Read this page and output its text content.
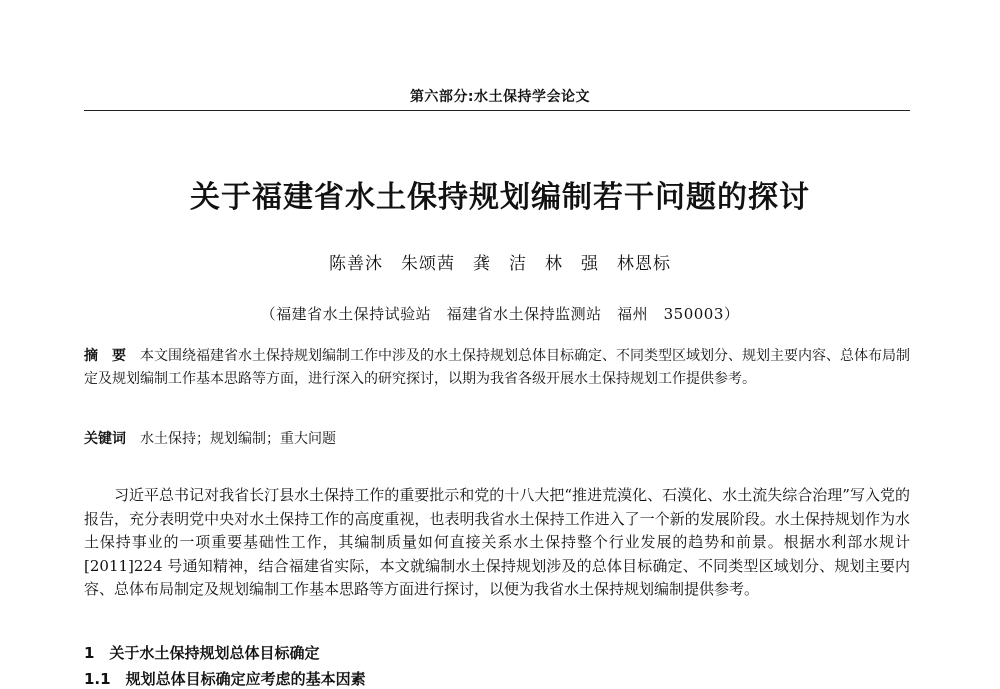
第六部分:水土保持学会论文
关于福建省水土保持规划编制若干问题的探讨
陈善沐　朱颂茜　龚　洁　林　强　林恩标
（福建省水土保持试验站　福建省水土保持监测站　福州　350003）
摘　要 本文围绕福建省水土保持规划编制工作中涉及的水土保持规划总体目标确定、不同类型区域划分、规划主要内容、总体布局制定及规划编制工作基本思路等方面，进行深入的研究探讨，以期为我省各级开展水土保持规划工作提供参考。
关键词 水土保持；规划编制；重大问题
习近平总书记对我省长汀县水土保持工作的重要批示和党的十八大把“推进荒漠化、石漠化、水土流失综合治理”写入党的报告，充分表明党中央对水土保持工作的高度重视，也表明我省水土保持工作进入了一个新的发展阶段。水土保持规划作为水土保持事业的一项重要基础性工作，其编制质量如何直接关系水土保持整个行业发展的趋势和前景。根据水利部水规计[2011]224 号通知精神，结合福建省实际，本文就编制水土保持规划涉及的总体目标确定、不同类型区域划分、规划主要内容、总体布局制定及规划编制工作基本思路等方面进行探讨，以便为我省水土保持规划编制提供参考。
1　关于水土保持规划总体目标确定
1.1　规划总体目标确定应考虑的基本因素
